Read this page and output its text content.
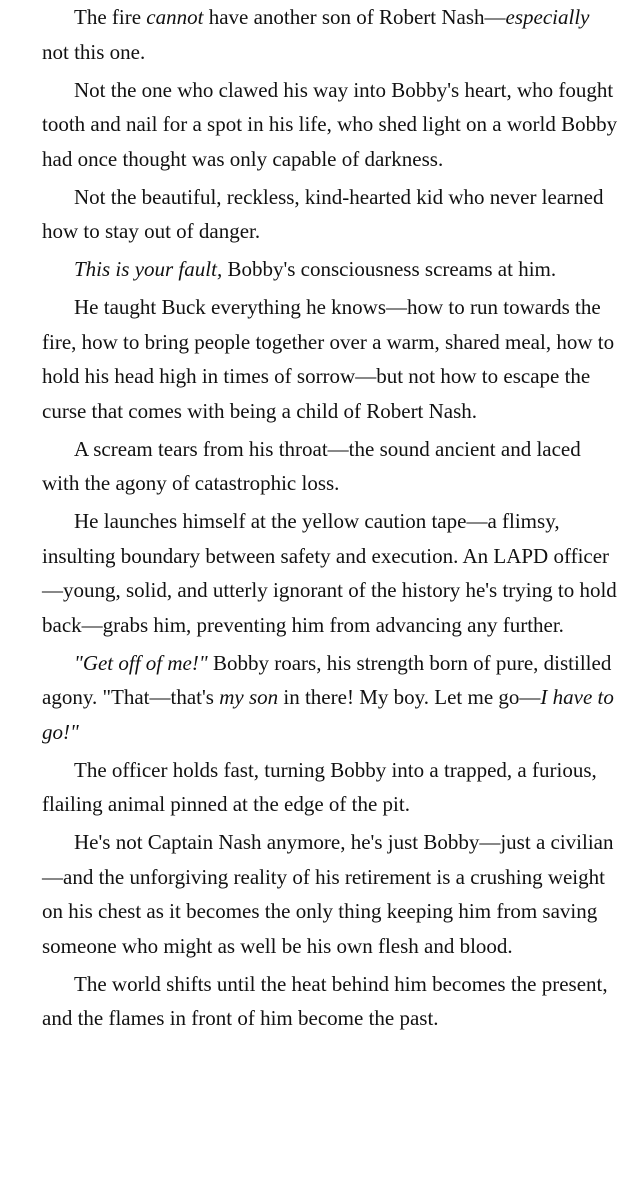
The fire cannot have another son of Robert Nash—especially not this one.

Not the one who clawed his way into Bobby's heart, who fought tooth and nail for a spot in his life, who shed light on a world Bobby had once thought was only capable of darkness.

Not the beautiful, reckless, kind-hearted kid who never learned how to stay out of danger.

This is your fault, Bobby's consciousness screams at him.

He taught Buck everything he knows—how to run towards the fire, how to bring people together over a warm, shared meal, how to hold his head high in times of sorrow—but not how to escape the curse that comes with being a child of Robert Nash.

A scream tears from his throat—the sound ancient and laced with the agony of catastrophic loss.

He launches himself at the yellow caution tape—a flimsy, insulting boundary between safety and execution. An LAPD officer—young, solid, and utterly ignorant of the history he's trying to hold back—grabs him, preventing him from advancing any further.

"Get off of me!" Bobby roars, his strength born of pure, distilled agony. "That—that's my son in there! My boy. Let me go—I have to go!"

The officer holds fast, turning Bobby into a trapped, a furious, flailing animal pinned at the edge of the pit.

He's not Captain Nash anymore, he's just Bobby—just a civilian—and the unforgiving reality of his retirement is a crushing weight on his chest as it becomes the only thing keeping him from saving someone who might as well be his own flesh and blood.

The world shifts until the heat behind him becomes the present, and the flames in front of him become the past.
